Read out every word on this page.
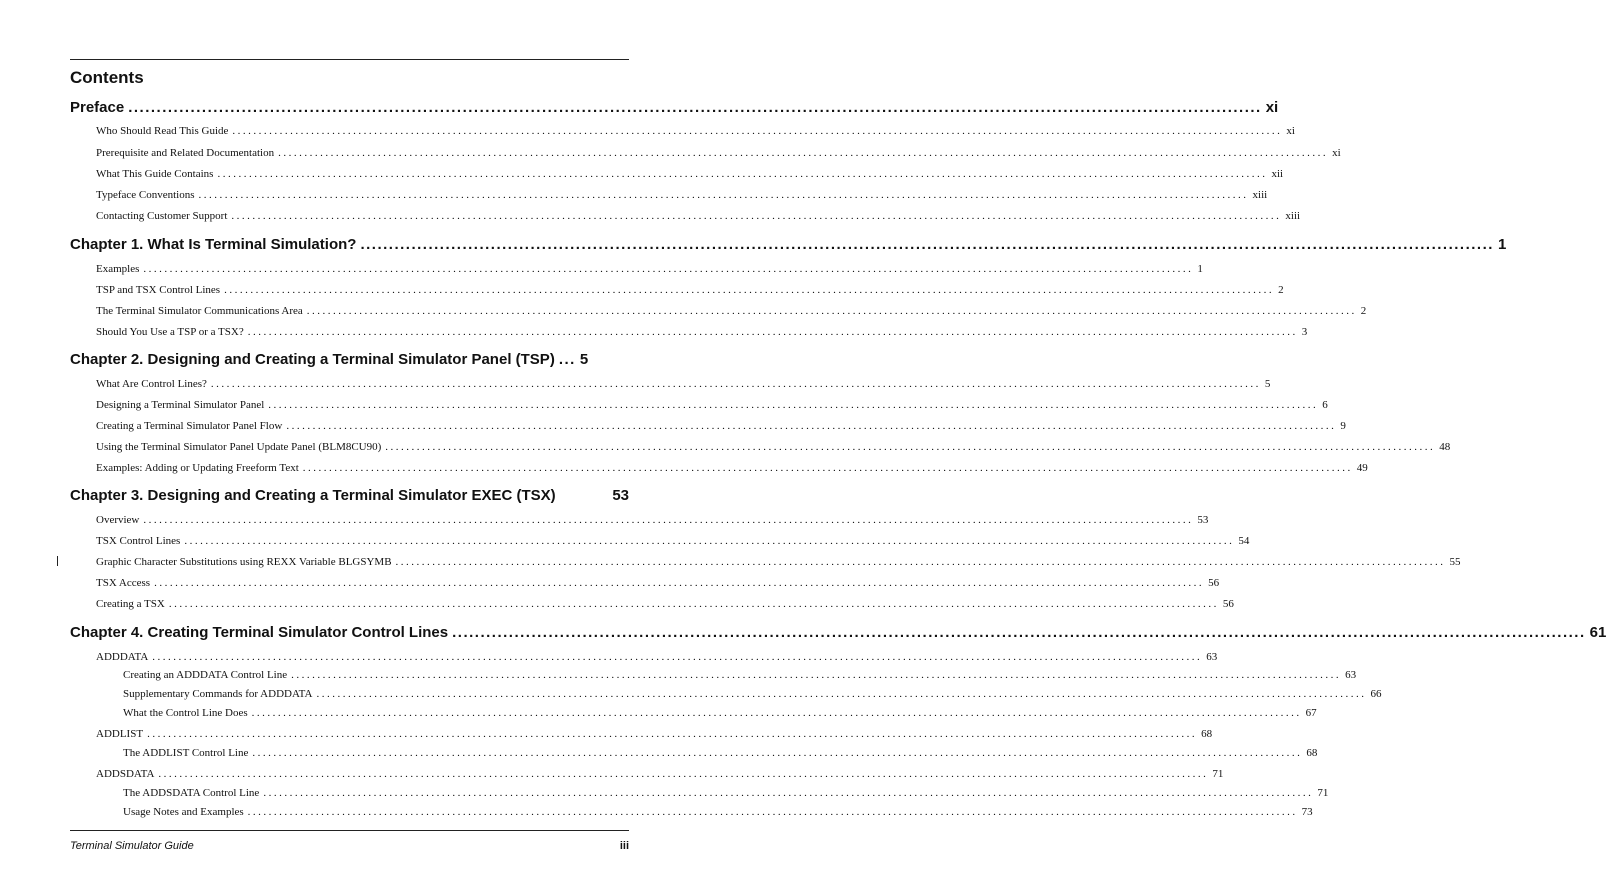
Contents
Preface ........................................................................................................................................................................................................ xi
Who Should Read This Guide ........................................................................................................................................................................................................ xi
Prerequisite and Related Documentation ........................................................................................................................................................................................................ xi
What This Guide Contains ........................................................................................................................................................................................................ xii
Typeface Conventions ........................................................................................................................................................................................................ xiii
Contacting Customer Support ........................................................................................................................................................................................................ xiii
Chapter 1. What Is Terminal Simulation? ........................................................................................................................................................................................................ 1
Examples ........................................................................................................................................................................................................ 1
TSP and TSX Control Lines ........................................................................................................................................................................................................ 2
The Terminal Simulator Communications Area ........................................................................................................................................................................................................ 2
Should You Use a TSP or a TSX? ........................................................................................................................................................................................................ 3
Chapter 2. Designing and Creating a Terminal Simulator Panel (TSP) ... 5
What Are Control Lines? ........................................................................................................................................................................................................ 5
Designing a Terminal Simulator Panel ........................................................................................................................................................................................................ 6
Creating a Terminal Simulator Panel Flow ........................................................................................................................................................................................................ 9
Using the Terminal Simulator Panel Update Panel (BLM8CU90) ........................................................................................................................................................................................................ 48
Examples: Adding or Updating Freeform Text ........................................................................................................................................................................................................ 49
Chapter 3. Designing and Creating a Terminal Simulator EXEC (TSX)	53
Overview ........................................................................................................................................................................................................ 53
TSX Control Lines ........................................................................................................................................................................................................ 54
Graphic Character Substitutions using REXX Variable BLGSYMB ........................................................................................................................................................................................................ 55
TSX Access ........................................................................................................................................................................................................ 56
Creating a TSX ........................................................................................................................................................................................................ 56
Chapter 4. Creating Terminal Simulator Control Lines ........................................................................................................................................................................................................ 61
ADDDATA ........................................................................................................................................................................................................ 63
Creating an ADDDATA Control Line ........................................................................................................................................................................................................ 63
Supplementary Commands for ADDDATA ........................................................................................................................................................................................................ 66
What the Control Line Does ........................................................................................................................................................................................................ 67
ADDLIST ........................................................................................................................................................................................................ 68
The ADDLIST Control Line ........................................................................................................................................................................................................ 68
ADDSDATA ........................................................................................................................................................................................................ 71
The ADDSDATA Control Line ........................................................................................................................................................................................................ 71
Usage Notes and Examples ........................................................................................................................................................................................................ 73
Terminal Simulator Guide	iii
